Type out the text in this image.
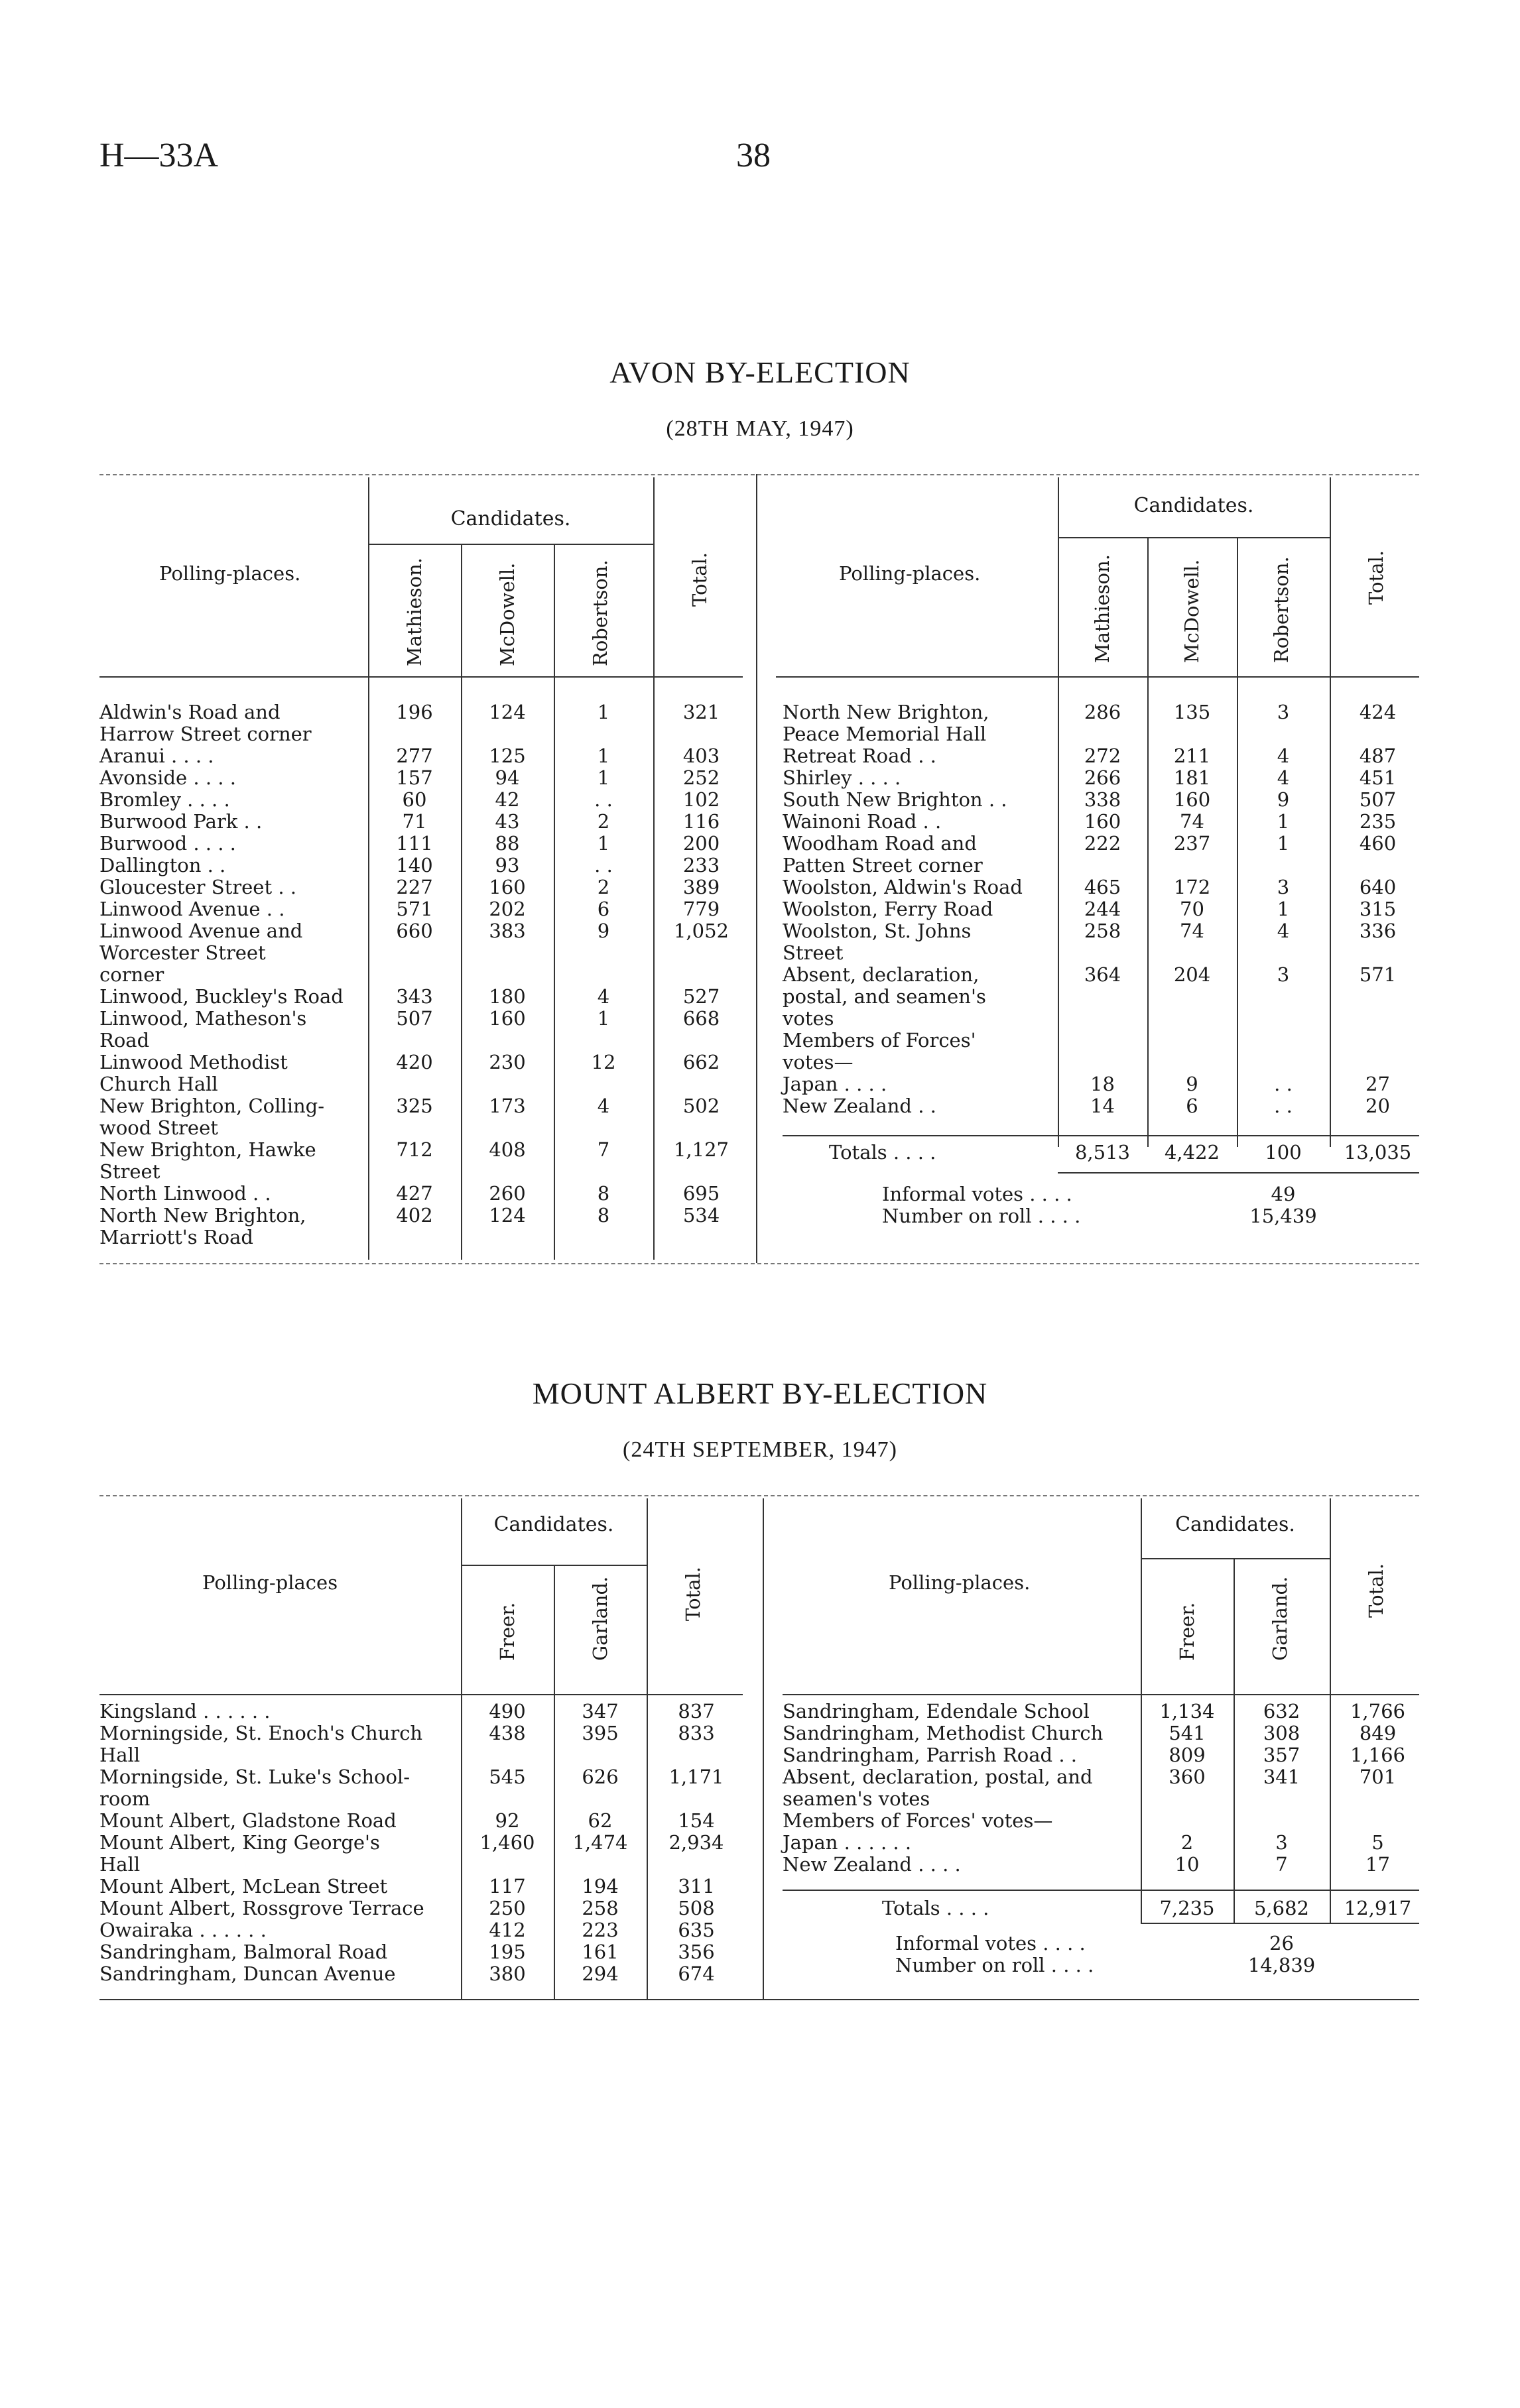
H—33A	38
AVON BY-ELECTION
(28TH MAY, 1947)
Candidates.
Polling-places.	Mathieson.	McDowell.	Robertson.	Total.
Candidates.
Polling-places.	Mathieson.	McDowell.	Robertson.	Total.
Aldwin's Road and
Harrow Street corner
196	124	1	321
Aranui . . . .	277	125	1	403
Avonside . . . .	157	94	1	252
Bromley . . . .	60	42	. .	102
Burwood Park . .	71	43	2	116
Burwood . . . .	111	88	1	200
Dallington . .	140	93	. .	233
Gloucester Street . .	227	160	2	389
Linwood Avenue . .	571	202	6	779
Linwood Avenue and
Worcester Street
corner
660	383	9	1,052
Linwood, Buckley's Road	343	180	4	527
Linwood, Matheson's
Road
507	160	1	668
Linwood Methodist
Church Hall
420	230	12	662
New Brighton, Colling-
wood Street
325	173	4	502
New Brighton, Hawke
Street
712	408	7	1,127
North Linwood . .	427	260	8	695
North New Brighton,
Marriott's Road
402	124	8	534
North New Brighton,
Peace Memorial Hall
286	135	3	424
Retreat Road . .	272	211	4	487
Shirley . . . .	266	181	4	451
South New Brighton . .	338	160	9	507
Wainoni Road . .	160	74	1	235
Woodham Road and
Patten Street corner
222	237	1	460
Woolston, Aldwin's Road	465	172	3	640
Woolston, Ferry Road	244	70	1	315
Woolston, St. Johns
Street
258	74	4	336
Absent, declaration,
postal, and seamen's
votes
364	204	3	571
Members of Forces'
votes—
Japan . . . .	18	9	. .	27
New Zealand . .	14	6	. .	20
Totals . . . .	8,513	4,422	100	13,035
Informal votes . . . .	49
Number on roll . . . .	15,439
MOUNT ALBERT BY-ELECTION
(24TH SEPTEMBER, 1947)
Candidates.
Polling-places
Freer.	Garland.	Total.
Candidates.
Polling-places.
Freer.	Garland.	Total.
Kingsland . . . . . .	490	347	837
Morningside, St. Enoch's Church
Hall
438	395	833
Morningside, St. Luke's School-
room
545	626	1,171
Mount Albert, Gladstone Road	92	62	154
Mount Albert, King George's
Hall
1,460	1,474	2,934
Mount Albert, McLean Street	117	194	311
Mount Albert, Rossgrove Terrace	250	258	508
Owairaka . . . . . .	412	223	635
Sandringham, Balmoral Road	195	161	356
Sandringham, Duncan Avenue	380	294	674
Sandringham, Edendale School	1,134	632	1,766
Sandringham, Methodist Church	541	308	849
Sandringham, Parrish Road . .	809	357	1,166
Absent, declaration, postal, and
seamen's votes
360	341	701
Members of Forces' votes—
Japan . . . . . .	2	3	5
New Zealand . . . .	10	7	17
Totals . . . .	7,235	5,682	12,917
Informal votes . . . .	26
Number on roll . . . .	14,839
